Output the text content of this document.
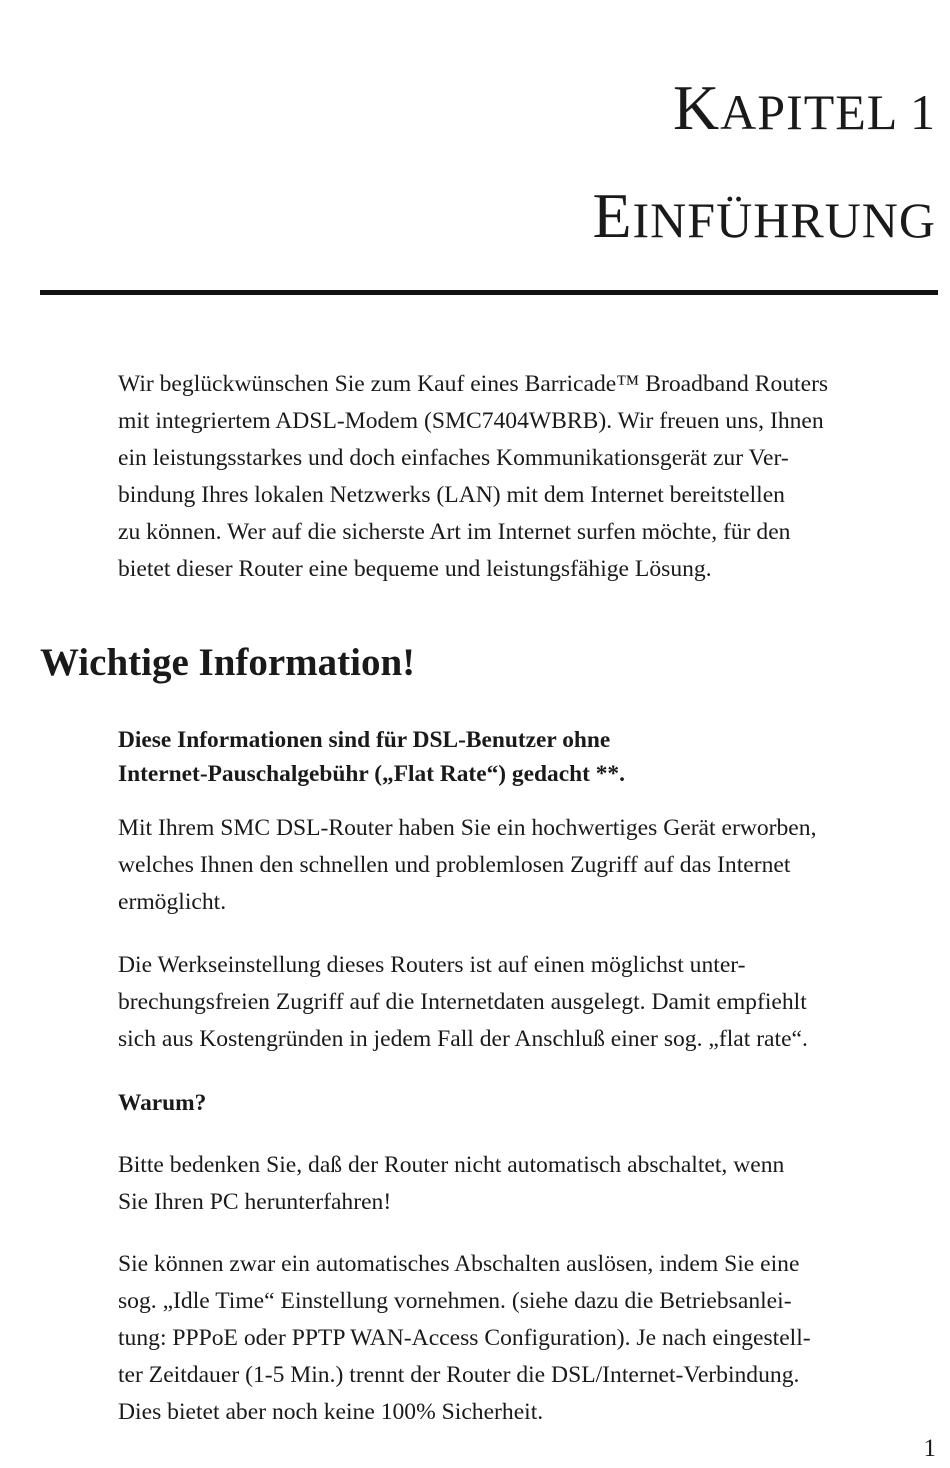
KAPITEL 1
EINFÜHRUNG

Wir beglückwünschen Sie zum Kauf eines Barricade™ Broadband Routers
mit integriertem ADSL-Modem (SMC7404WBRB). Wir freuen uns, Ihnen
ein leistungsstarkes und doch einfaches Kommunikationsgerät zur Ver-
bindung Ihres lokalen Netzwerks (LAN) mit dem Internet bereitstellen
zu können. Wer auf die sicherste Art im Internet surfen möchte, für den
bietet dieser Router eine bequeme und leistungsfähige Lösung.

Wichtige Information!

Diese Informationen sind für DSL-Benutzer ohne
Internet-Pauschalgebühr („Flat Rate“) gedacht **.

Mit Ihrem SMC DSL-Router haben Sie ein hochwertiges Gerät erworben,
welches Ihnen den schnellen und problemlosen Zugriff auf das Internet
ermöglicht.

Die Werkseinstellung dieses Routers ist auf einen möglichst unter-
brechungsfreien Zugriff auf die Internetdaten ausgelegt. Damit empfiehlt
sich aus Kostengründen in jedem Fall der Anschluß einer sog. „flat rate“.

Warum?

Bitte bedenken Sie, daß der Router nicht automatisch abschaltet, wenn
Sie Ihren PC herunterfahren!

Sie können zwar ein automatisches Abschalten auslösen, indem Sie eine
sog. „Idle Time“ Einstellung vornehmen. (siehe dazu die Betriebsanlei-
tung: PPPoE oder PPTP WAN-Access Configuration). Je nach eingestell-
ter Zeitdauer (1-5 Min.) trennt der Router die DSL/Internet-Verbindung.
Dies bietet aber noch keine 100% Sicherheit.

1
